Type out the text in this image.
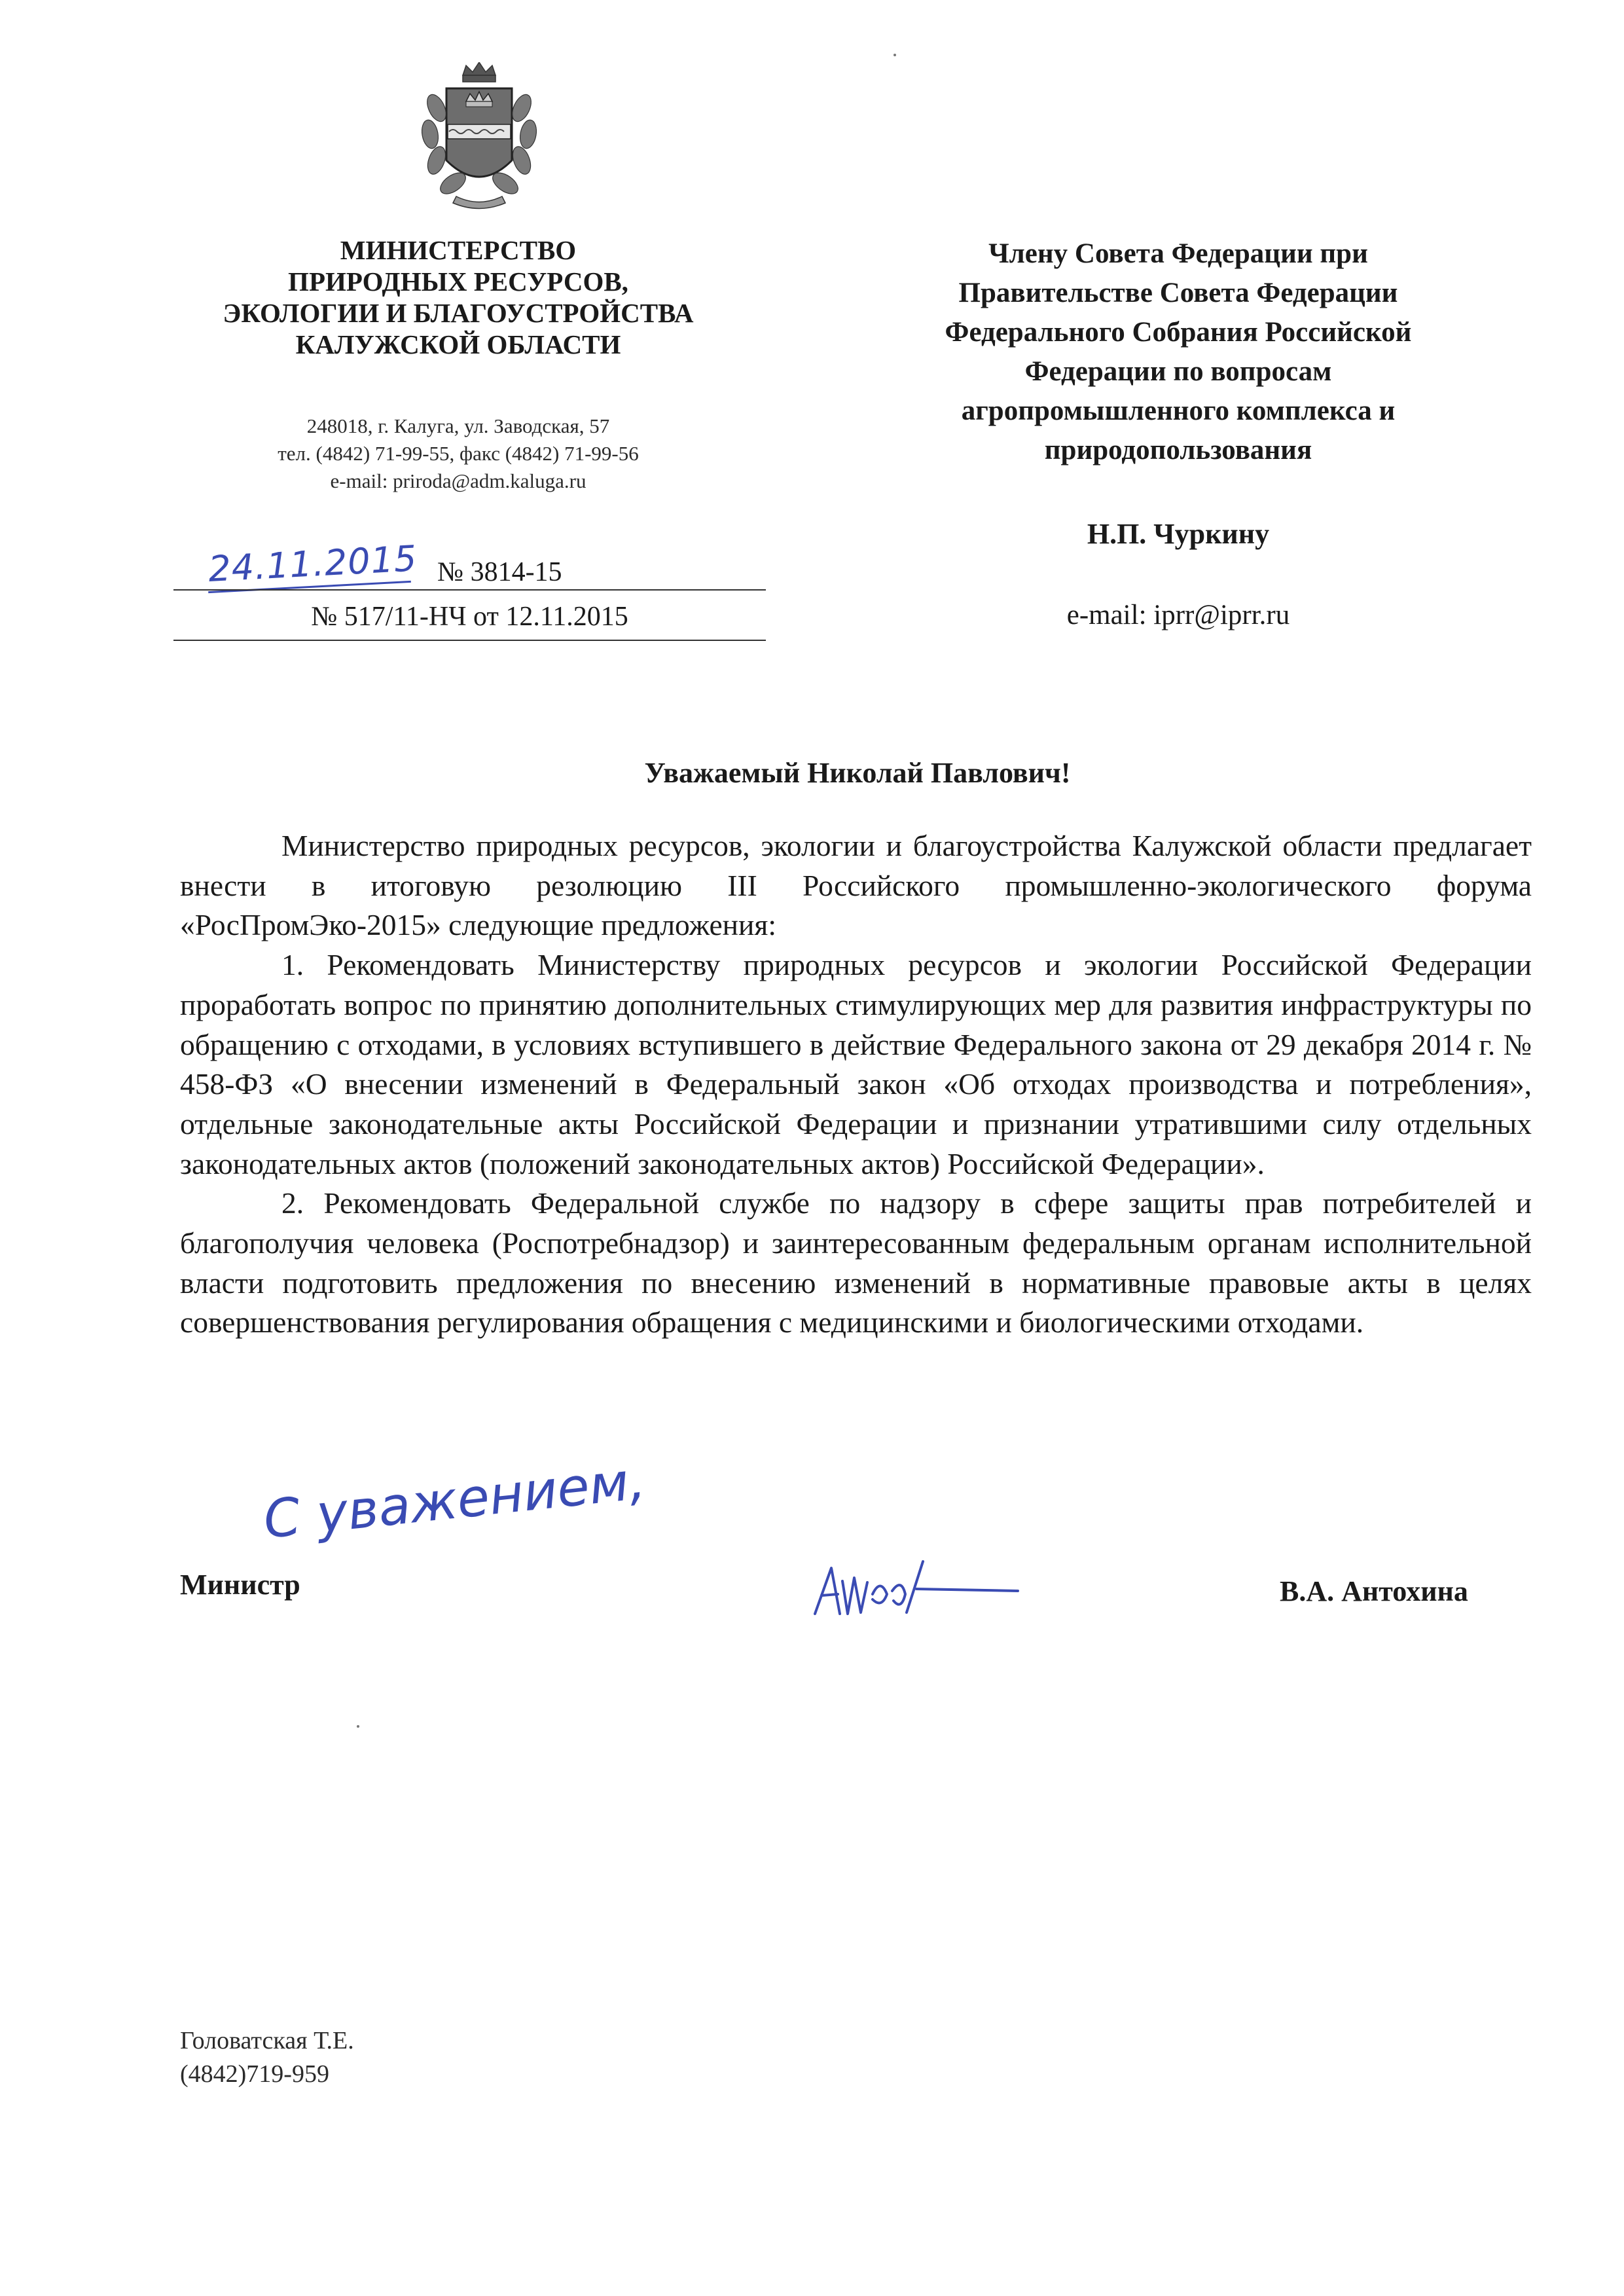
МИНИСТЕРСТВО
ПРИРОДНЫХ РЕСУРСОВ,
ЭКОЛОГИИ И БЛАГОУСТРОЙСТВА
КАЛУЖСКОЙ ОБЛАСТИ
248018, г. Калуга, ул. Заводская, 57
тел. (4842) 71-99-55, факс (4842) 71-99-56
e-mail: priroda@adm.kaluga.ru
24.11.2015 № 3814-15
№ 517/11-НЧ от 12.11.2015
Члену Совета Федерации при
Правительстве Совета Федерации
Федерального Собрания Российской
Федерации по вопросам
агропромышленного комплекса и
природопользования
Н.П. Чуркину
e-mail: iprr@iprr.ru
Уважаемый Николай Павлович!

Министерство природных ресурсов, экологии и благоустройства Калужской области предлагает внести в итоговую резолюцию III Российского промышленно-экологического форума «РосПромЭко-2015» следующие предложения:

1. Рекомендовать Министерству природных ресурсов и экологии Российской Федерации проработать вопрос по принятию дополнительных стимулирующих мер для развития инфраструктуры по обращению с отходами, в условиях вступившего в действие Федерального закона от 29 декабря 2014 г. № 458-ФЗ «О внесении изменений в Федеральный закон «Об отходах производства и потребления», отдельные законодательные акты Российской Федерации и признании утратившими силу отдельных законодательных актов (положений законодательных актов) Российской Федерации».

2. Рекомендовать Федеральной службе по надзору в сфере защиты прав потребителей и благополучия человека (Роспотребнадзор) и заинтересованным федеральным органам исполнительной власти подготовить предложения по внесению изменений в нормативные правовые акты в целях совершенствования регулирования обращения с медицинскими и биологическими отходами.

С уважением,
Министр	В.А. Антохина
Головатская Т.Е.
(4842)719-959
